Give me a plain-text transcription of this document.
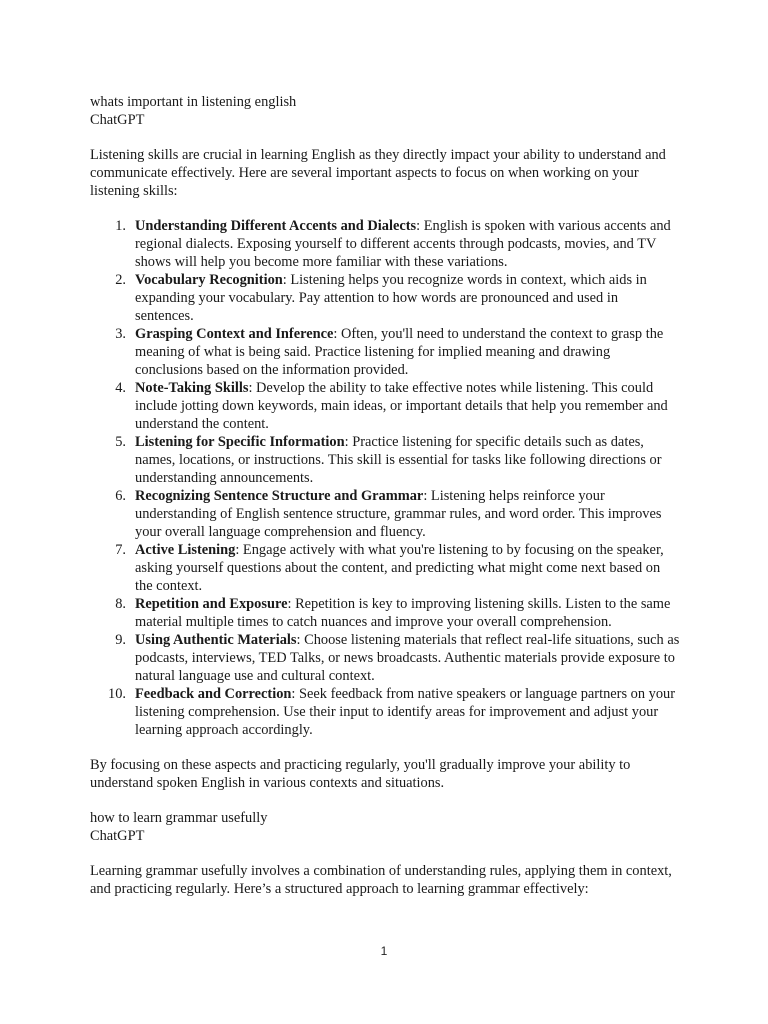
whats important in listening english
ChatGPT

Listening skills are crucial in learning English as they directly impact your ability to understand and communicate effectively. Here are several important aspects to focus on when working on your listening skills:

1. Understanding Different Accents and Dialects: English is spoken with various accents and regional dialects. Exposing yourself to different accents through podcasts, movies, and TV shows will help you become more familiar with these variations.
2. Vocabulary Recognition: Listening helps you recognize words in context, which aids in expanding your vocabulary. Pay attention to how words are pronounced and used in sentences.
3. Grasping Context and Inference: Often, you'll need to understand the context to grasp the meaning of what is being said. Practice listening for implied meaning and drawing conclusions based on the information provided.
4. Note-Taking Skills: Develop the ability to take effective notes while listening. This could include jotting down keywords, main ideas, or important details that help you remember and understand the content.
5. Listening for Specific Information: Practice listening for specific details such as dates, names, locations, or instructions. This skill is essential for tasks like following directions or understanding announcements.
6. Recognizing Sentence Structure and Grammar: Listening helps reinforce your understanding of English sentence structure, grammar rules, and word order. This improves your overall language comprehension and fluency.
7. Active Listening: Engage actively with what you're listening to by focusing on the speaker, asking yourself questions about the content, and predicting what might come next based on the context.
8. Repetition and Exposure: Repetition is key to improving listening skills. Listen to the same material multiple times to catch nuances and improve your overall comprehension.
9. Using Authentic Materials: Choose listening materials that reflect real-life situations, such as podcasts, interviews, TED Talks, or news broadcasts. Authentic materials provide exposure to natural language use and cultural context.
10. Feedback and Correction: Seek feedback from native speakers or language partners on your listening comprehension. Use their input to identify areas for improvement and adjust your learning approach accordingly.

By focusing on these aspects and practicing regularly, you'll gradually improve your ability to understand spoken English in various contexts and situations.

how to learn grammar usefully
ChatGPT

Learning grammar usefully involves a combination of understanding rules, applying them in context, and practicing regularly. Here’s a structured approach to learning grammar effectively:

1
